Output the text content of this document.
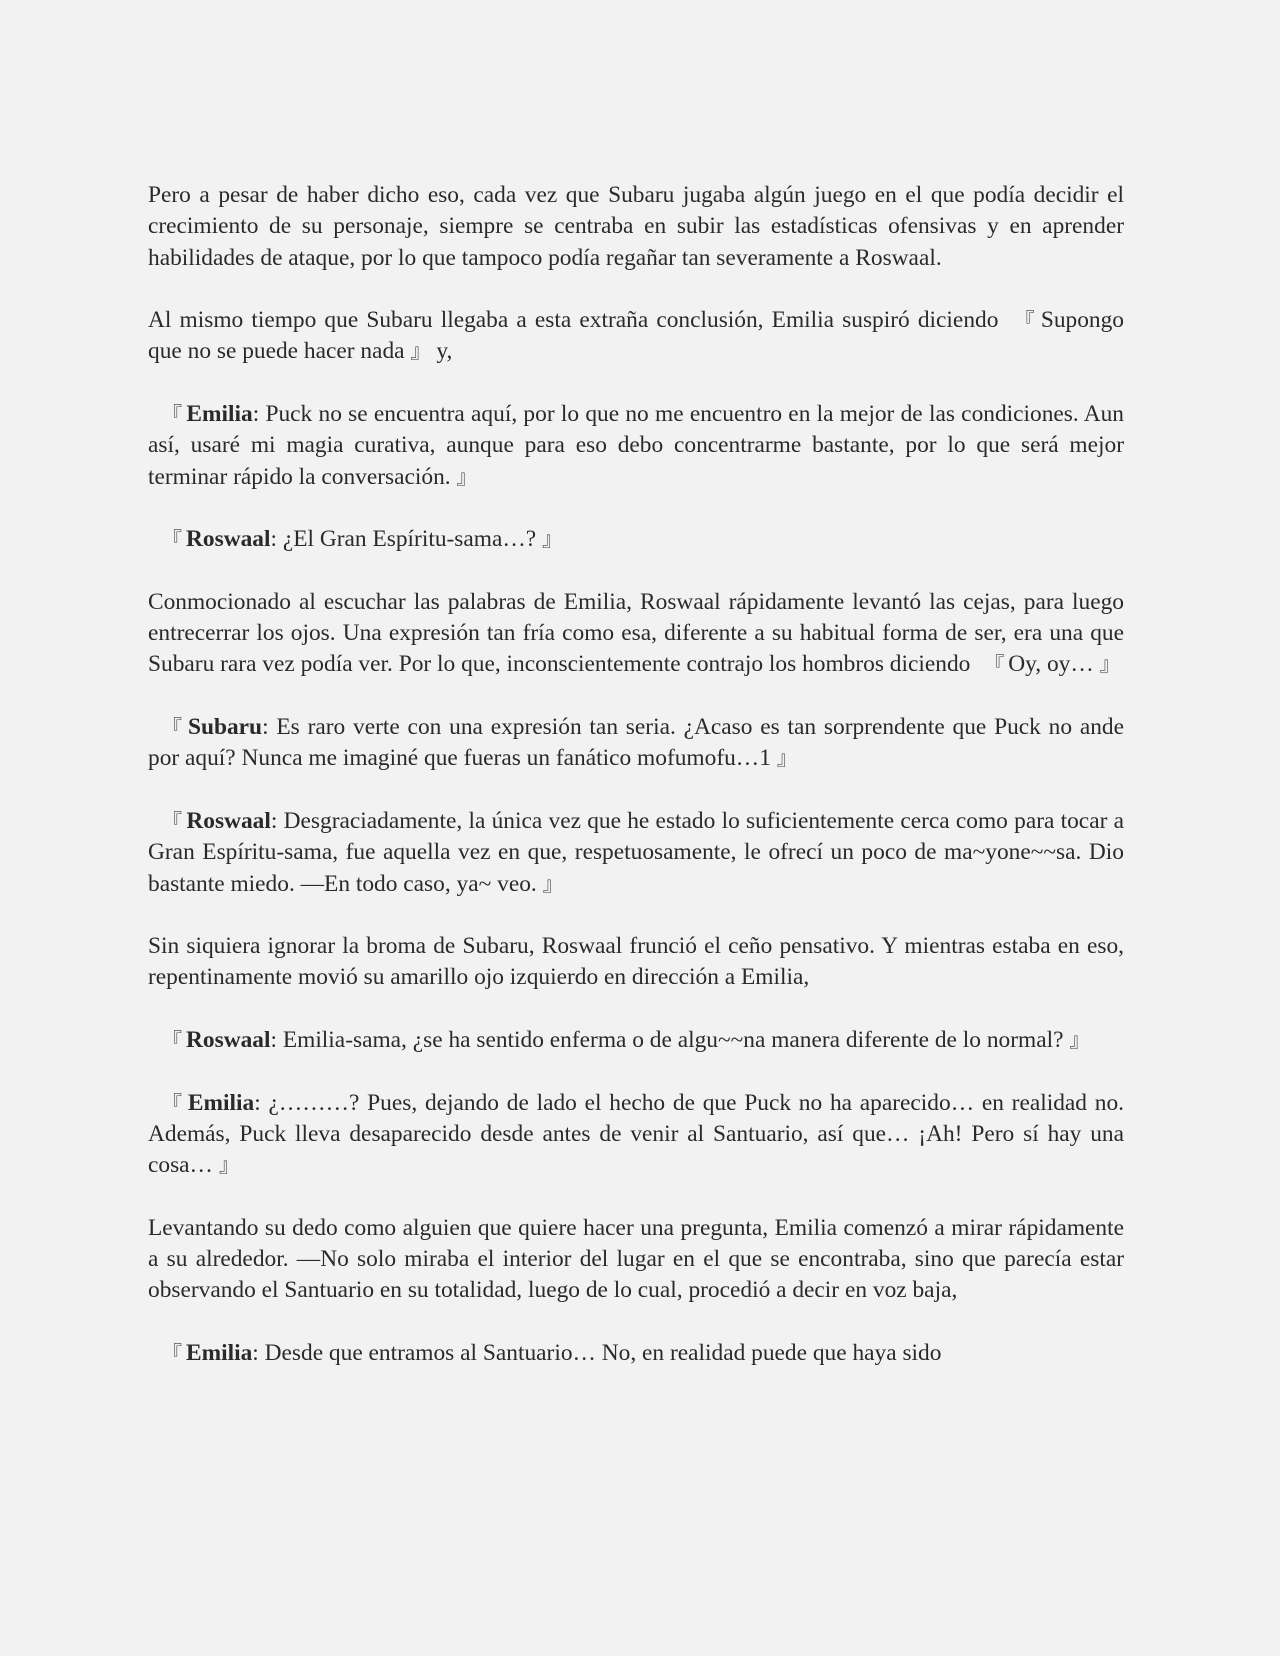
Pero a pesar de haber dicho eso, cada vez que Subaru jugaba algún juego en el que podía decidir el crecimiento de su personaje, siempre se centraba en subir las estadísticas ofensivas y en aprender habilidades de ataque, por lo que tampoco podía regañar tan severamente a Roswaal.

Al mismo tiempo que Subaru llegaba a esta extraña conclusión, Emilia suspiró diciendo 『 Supongo que no se puede hacer nada 』 y,

『 Emilia: Puck no se encuentra aquí, por lo que no me encuentro en la mejor de las condiciones. Aun así, usaré mi magia curativa, aunque para eso debo concentrarme bastante, por lo que será mejor terminar rápido la conversación. 』

『 Roswaal: ¿El Gran Espíritu-sama…? 』

Conmocionado al escuchar las palabras de Emilia, Roswaal rápidamente levantó las cejas, para luego entrecerrar los ojos. Una expresión tan fría como esa, diferente a su habitual forma de ser, era una que Subaru rara vez podía ver. Por lo que, inconscientemente contrajo los hombros diciendo 『 Oy, oy… 』

『 Subaru: Es raro verte con una expresión tan seria. ¿Acaso es tan sorprendente que Puck no ande por aquí? Nunca me imaginé que fueras un fanático mofumofu…1 』

『 Roswaal: Desgraciadamente, la única vez que he estado lo suficientemente cerca como para tocar a Gran Espíritu-sama, fue aquella vez en que, respetuosamente, le ofrecí un poco de ma~yone~~sa. Dio bastante miedo. —En todo caso, ya~ veo. 』

Sin siquiera ignorar la broma de Subaru, Roswaal frunció el ceño pensativo. Y mientras estaba en eso, repentinamente movió su amarillo ojo izquierdo en dirección a Emilia,

『 Roswaal: Emilia-sama, ¿se ha sentido enferma o de algu~~na manera diferente de lo normal? 』

『 Emilia: ¿………? Pues, dejando de lado el hecho de que Puck no ha aparecido… en realidad no. Además, Puck lleva desaparecido desde antes de venir al Santuario, así que… ¡Ah! Pero sí hay una cosa… 』

Levantando su dedo como alguien que quiere hacer una pregunta, Emilia comenzó a mirar rápidamente a su alrededor. —No solo miraba el interior del lugar en el que se encontraba, sino que parecía estar observando el Santuario en su totalidad, luego de lo cual, procedió a decir en voz baja,

『 Emilia: Desde que entramos al Santuario… No, en realidad puede que haya sido
